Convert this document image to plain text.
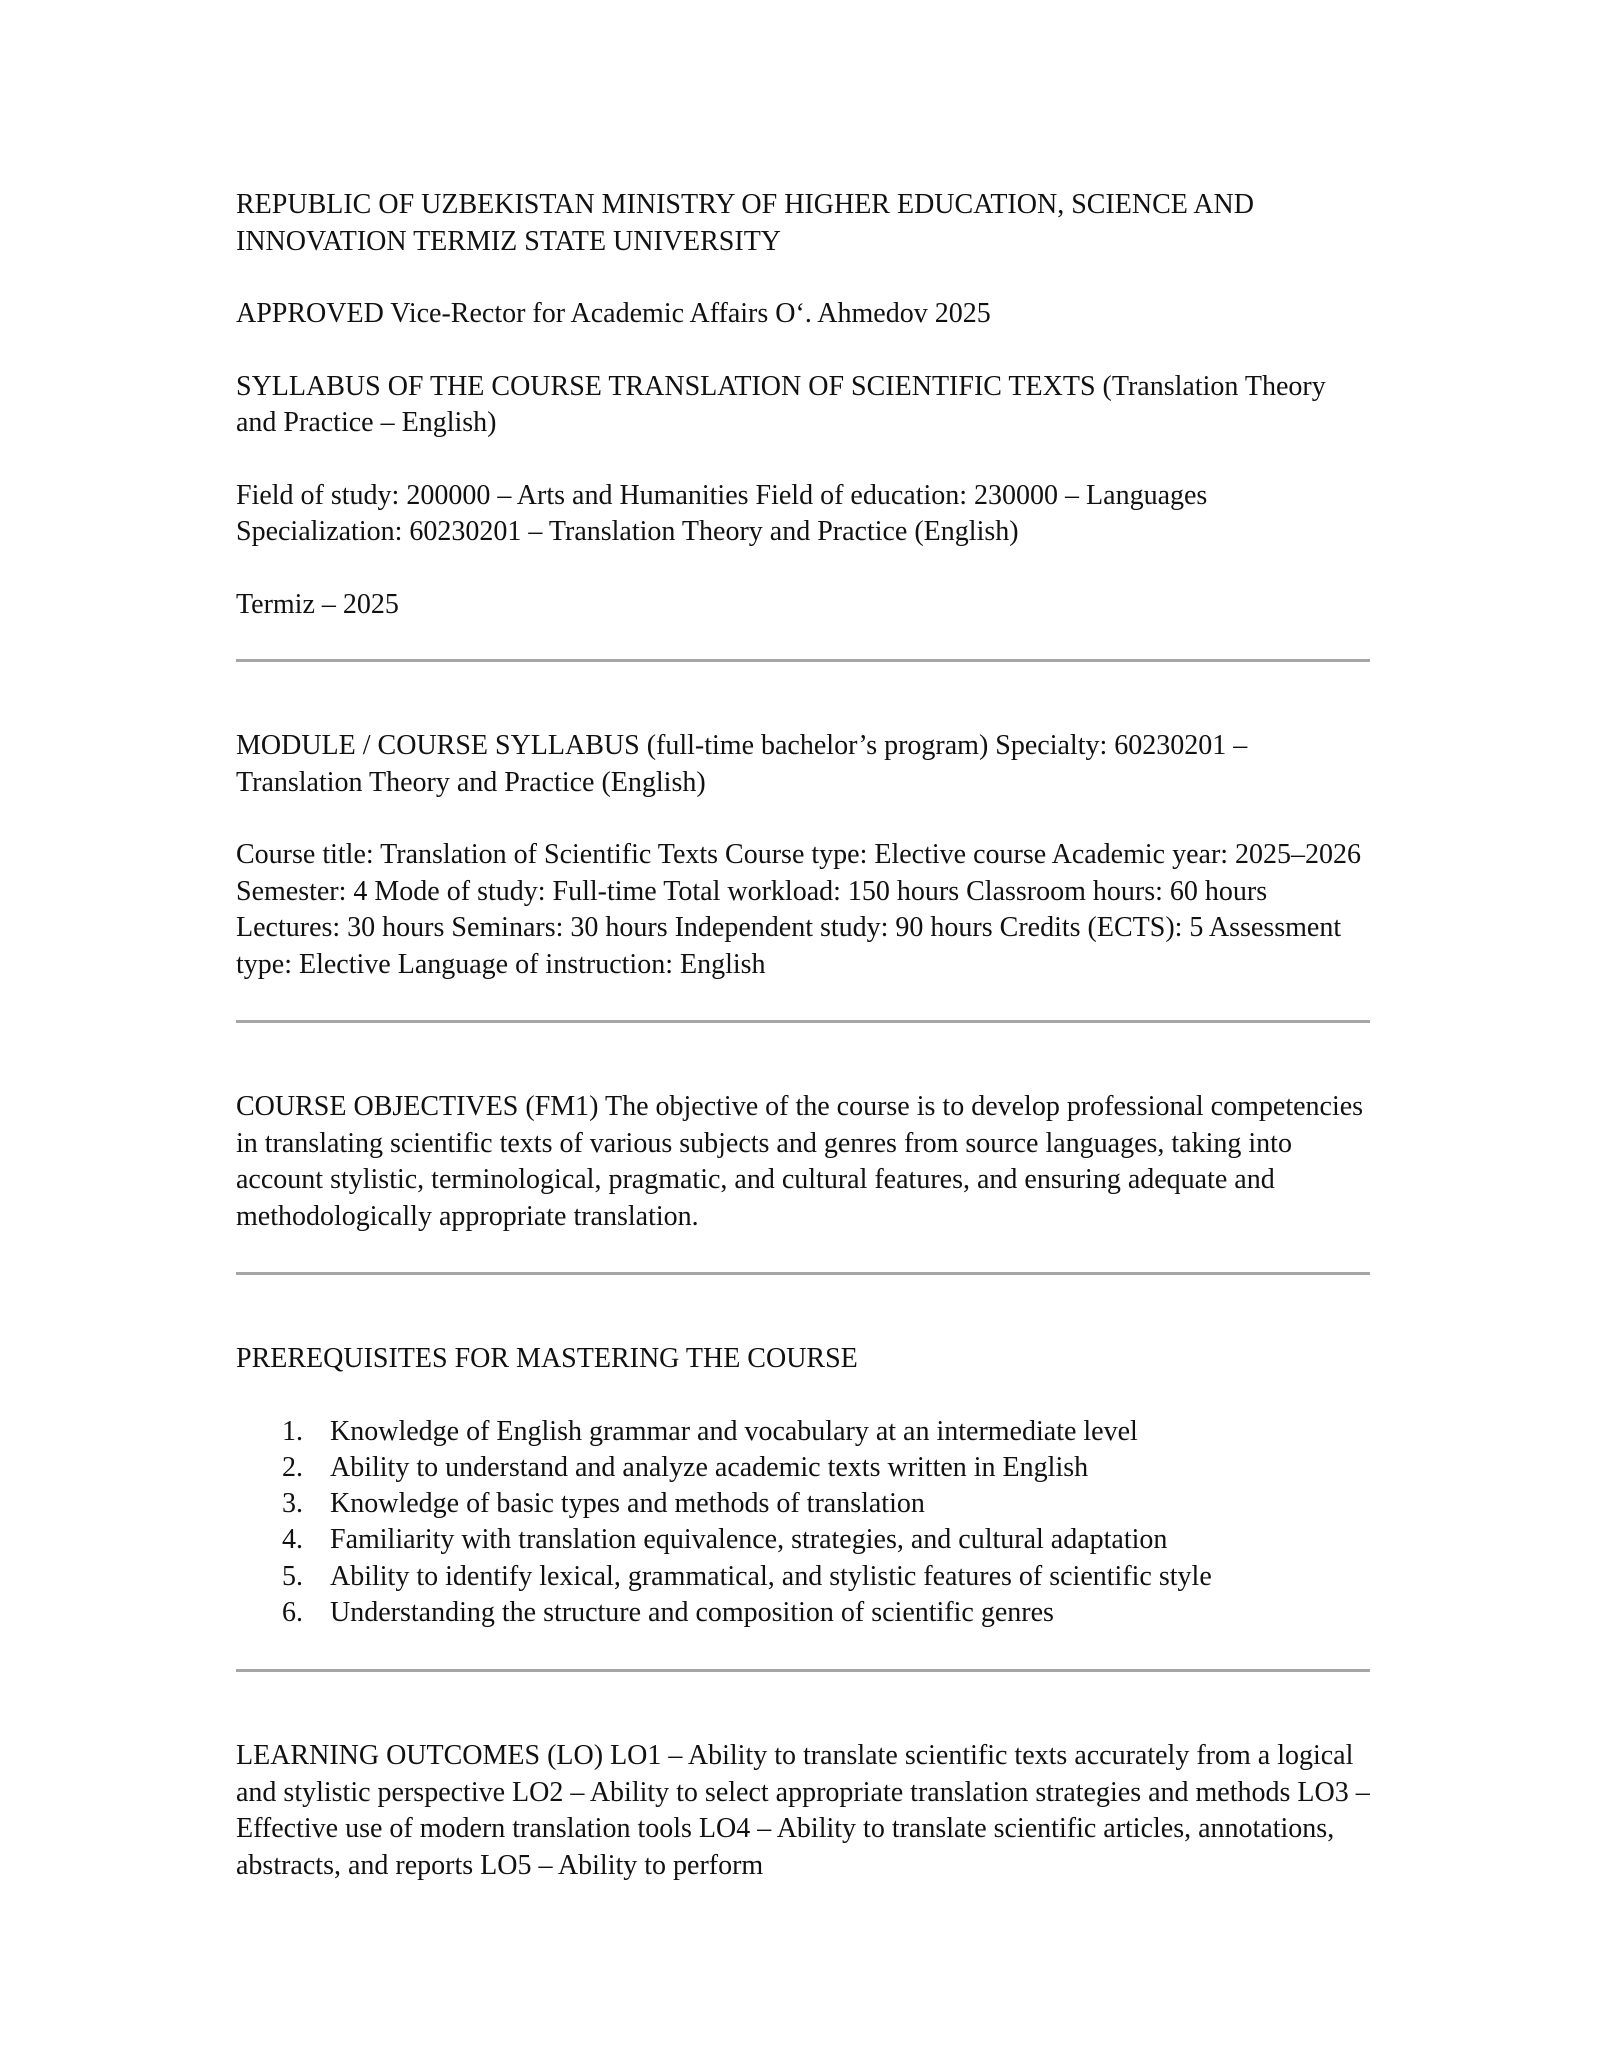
REPUBLIC OF UZBEKISTAN MINISTRY OF HIGHER EDUCATION, SCIENCE AND INNOVATION TERMIZ STATE UNIVERSITY

APPROVED Vice-Rector for Academic Affairs O‘. Ahmedov 2025

SYLLABUS OF THE COURSE TRANSLATION OF SCIENTIFIC TEXTS (Translation Theory and Practice – English)

Field of study: 200000 – Arts and Humanities Field of education: 230000 – Languages Specialization: 60230201 – Translation Theory and Practice (English)

Termiz – 2025

MODULE / COURSE SYLLABUS (full-time bachelor’s program) Specialty: 60230201 – Translation Theory and Practice (English)

Course title: Translation of Scientific Texts Course type: Elective course Academic year: 2025–2026 Semester: 4 Mode of study: Full-time Total workload: 150 hours Classroom hours: 60 hours Lectures: 30 hours Seminars: 30 hours Independent study: 90 hours Credits (ECTS): 5 Assessment type: Elective Language of instruction: English

COURSE OBJECTIVES (FM1) The objective of the course is to develop professional competencies in translating scientific texts of various subjects and genres from source languages, taking into account stylistic, terminological, pragmatic, and cultural features, and ensuring adequate and methodologically appropriate translation.

PREREQUISITES FOR MASTERING THE COURSE

1. Knowledge of English grammar and vocabulary at an intermediate level
2. Ability to understand and analyze academic texts written in English
3. Knowledge of basic types and methods of translation
4. Familiarity with translation equivalence, strategies, and cultural adaptation
5. Ability to identify lexical, grammatical, and stylistic features of scientific style
6. Understanding the structure and composition of scientific genres

LEARNING OUTCOMES (LO) LO1 – Ability to translate scientific texts accurately from a logical and stylistic perspective LO2 – Ability to select appropriate translation strategies and methods LO3 – Effective use of modern translation tools LO4 – Ability to translate scientific articles, annotations, abstracts, and reports LO5 – Ability to perform
